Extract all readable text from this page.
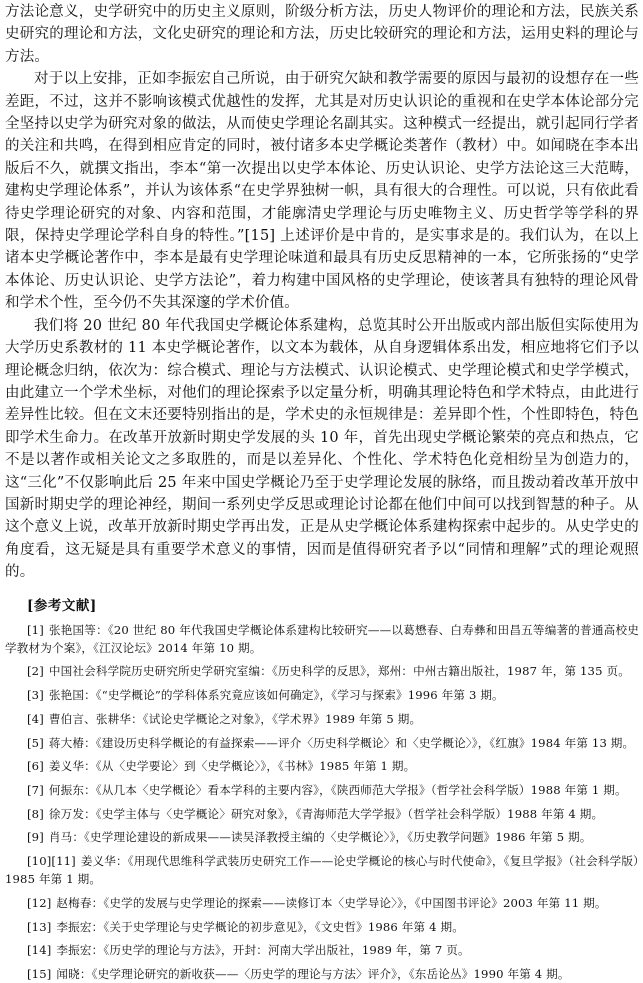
方法论意义，史学研究中的历史主义原则，阶级分析方法，历史人物评价的理论和方法，民族关系史研究的理论和方法，文化史研究的理论和方法，历史比较研究的理论和方法，运用史料的理论与方法。

对于以上安排，正如李振宏自己所说，由于研究欠缺和教学需要的原因与最初的设想存在一些差距，不过，这并不影响该模式优越性的发挥，尤其是对历史认识论的重视和在史学本体论部分完全坚持以史学为研究对象的做法，从而使史学理论名副其实。这种模式一经提出，就引起同行学者的关注和共鸣，在得到相应肯定的同时，被付诸多本史学概论类著作（教材）中。如闻晓在李本出版后不久，就撰文指出，李本“第一次提出以史学本体论、历史认识论、史学方法论这三大范畴，建构史学理论体系”，并认为该体系“在史学界独树一帜，具有很大的合理性。可以说，只有依此看待史学理论研究的对象、内容和范围，才能廓清史学理论与历史唯物主义、历史哲学等学科的界限，保持史学理论学科自身的特性。”[15] 上述评价是中肯的，是实事求是的。我们认为，在以上诸本史学概论著作中，李本是最有史学理论味道和最具有历史反思精神的一本，它所张扬的“史学本体论、历史认识论、史学方法论”，着力构建中国风格的史学理论，使该著具有独特的理论风骨和学术个性，至今仍不失其深邃的学术价值。

我们将 20 世纪 80 年代我国史学概论体系建构，总览其时公开出版或内部出版但实际使用为大学历史系教材的 11 本史学概论著作，以文本为载体，从自身逻辑体系出发，相应地将它们予以理论概念归纳，依次为：综合模式、理论与方法模式、认识论模式、史学理论模式和史学学模式，由此建立一个学术坐标，对他们的理论探索予以定量分析，明确其理论特色和学术特点，由此进行差异性比较。但在文末还要特别指出的是，学术史的永恒规律是：差异即个性，个性即特色，特色即学术生命力。在改革开放新时期史学发展的头 10 年，首先出现史学概论繁荣的亮点和热点，它不是以著作或相关论文之多取胜的，而是以差异化、个性化、学术特色化竞相纷呈为创造力的，这“三化”不仅影响此后 25 年来中国史学概论乃至于史学理论发展的脉络，而且拨动着改革开放中国新时期史学的理论神经，期间一系列史学反思或理论讨论都在他们中间可以找到智慧的种子。从这个意义上说，改革开放新时期史学再出发，正是从史学概论体系建构探索中起步的。从史学史的角度看，这无疑是具有重要学术意义的事情，因而是值得研究者予以“同情和理解”式的理论观照的。

[参考文献]
[1] 张艳国等：《20 世纪 80 年代我国史学概论体系建构比较研究——以葛懋春、白寿彝和田昌五等编著的普通高校史学教材为个案》，《江汉论坛》2014 年第 10 期。
[2] 中国社会科学院历史研究所史学研究室编：《历史科学的反思》，郑州：中州古籍出版社，1987 年，第 135 页。
[3] 张艳国：《“史学概论”的学科体系究竟应该如何确定》，《学习与探索》1996 年第 3 期。
[4] 曹伯言、张耕华：《试论史学概论之对象》，《学术界》1989 年第 5 期。
[5] 蒋大椿：《建设历史科学概论的有益探索——评介〈历史科学概论〉和〈史学概论〉》，《红旗》1984 年第 13 期。
[6] 姜义华：《从〈史学要论〉到〈史学概论〉》，《书林》1985 年第 1 期。
[7] 何振东：《从几本〈史学概论〉看本学科的主要内容》，《陕西师范大学报》（哲学社会科学版）1988 年第 1 期。
[8] 徐万发：《史学主体与〈史学概论〉研究对象》，《青海师范大学学报》（哲学社会科学版）1988 年第 4 期。
[9] 肖马：《史学理论建设的新成果——读吴泽教授主编的〈史学概论〉》，《历史教学问题》1986 年第 5 期。
[10][11] 姜义华：《用现代思维科学武装历史研究工作——论史学概论的核心与时代使命》，《复旦学报》（社会科学版）1985 年第 1 期。
[12] 赵梅春：《史学的发展与史学理论的探索——读修订本〈史学导论〉》，《中国图书评论》2003 年第 11 期。
[13] 李振宏：《关于史学理论与史学概论的初步意见》，《文史哲》1986 年第 4 期。
[14] 李振宏：《历史学的理论与方法》，开封：河南大学出版社，1989 年，第 7 页。
[15] 闻晓：《史学理论研究的新收获——〈历史学的理论与方法〉评介》，《东岳论丛》1990 年第 4 期。
